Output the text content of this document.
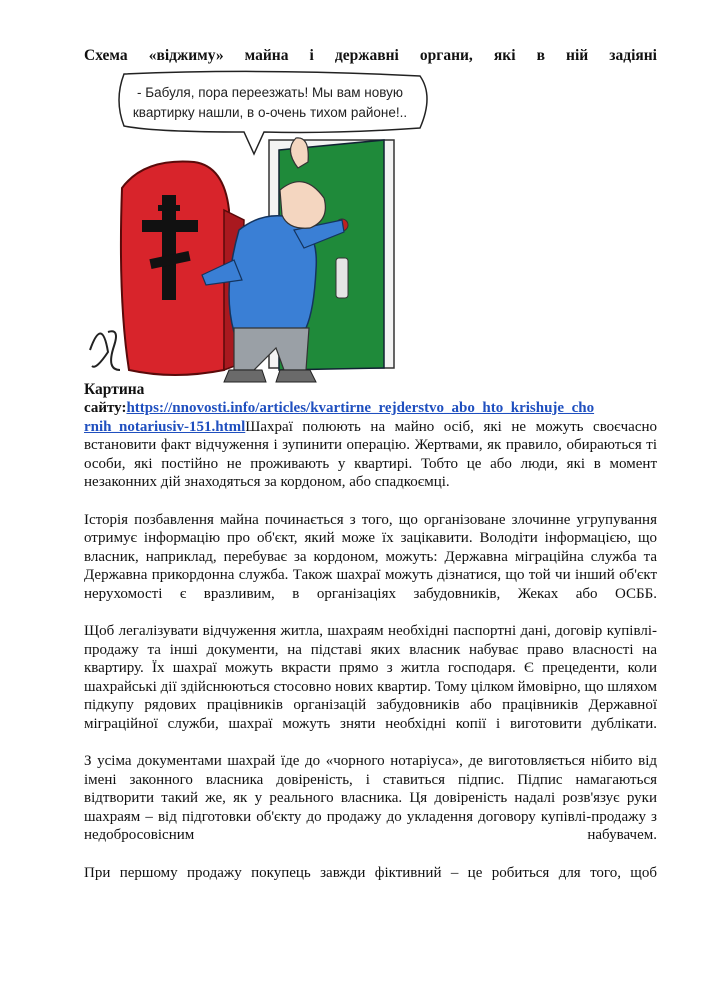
Схема «віджиму» майна і державні органи, які в ній задіяні

- Бабуля, пора переезжать! Мы вам новую
квартирку нашли, в о-очень тихом районе!..

Картина

сайту:https://nnovosti.info/articles/kvartirne_rejderstvo_abo_hto_krishuje_cho
rnih_notariusiv-151.htmlШахраї полюють на майно осіб, які не можуть своєчасно встановити факт відчуження і зупинити операцію. Жертвами, як правило, обираються ті особи, які постійно не проживають у квартирі. Тобто це або люди, які в момент незаконних дій знаходяться за кордоном, або спадкоємці.

Історія позбавлення майна починається з того, що організоване злочинне угрупування отримує інформацію про об'єкт, який може їх зацікавити. Володіти інформацією, що власник, наприклад, перебуває за кордоном, можуть: Державна міграційна служба та Державна прикордонна служба. Також шахраї можуть дізнатися, що той чи інший об'єкт нерухомості є вразливим, в організаціях забудовників, Жеках або ОСББ.

Щоб легалізувати відчуження житла, шахраям необхідні паспортні дані, договір купівлі-продажу та інші документи, на підставі яких власник набуває право власності на квартиру. Їх шахраї можуть вкрасти прямо з житла господаря. Є прецеденти, коли шахрайські дії здійснюються стосовно нових квартир. Тому цілком ймовірно, що шляхом підкупу рядових працівників організацій забудовників або працівників Державної міграційної служби, шахраї можуть зняти необхідні копії і виготовити дублікати.

З усіма документами шахрай їде до «чорного нотаріуса», де виготовляється нібито від імені законного власника довіреність, і ставиться підпис. Підпис намагаються відтворити такий же, як у реального власника. Ця довіреність надалі розв'язує руки шахраям – від підготовки об'єкту до продажу до укладення договору купівлі-продажу з недобросовісним набувачем.

При першому продажу покупець завжди фіктивний – це робиться для того, щоб
